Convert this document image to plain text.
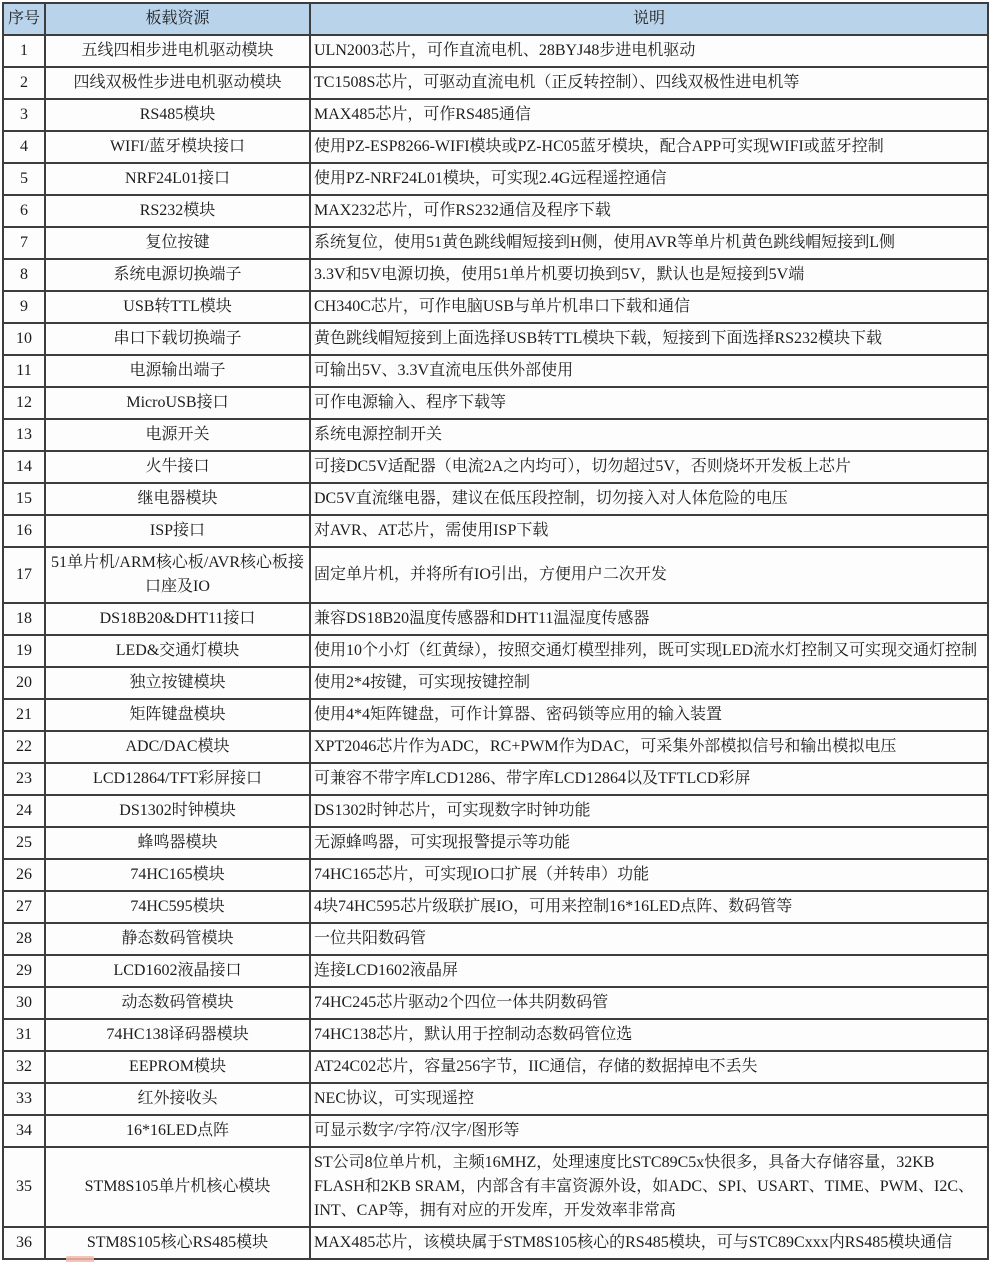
序号	板载资源	说明
1	五线四相步进电机驱动模块	ULN2003芯片，可作直流电机、28BYJ48步进电机驱动
2	四线双极性步进电机驱动模块	TC1508S芯片，可驱动直流电机（正反转控制）、四线双极性进电机等
3	RS485模块	MAX485芯片，可作RS485通信
4	WIFI/蓝牙模块接口	使用PZ-ESP8266-WIFI模块或PZ-HC05蓝牙模块，配合APP可实现WIFI或蓝牙控制
5	NRF24L01接口	使用PZ-NRF24L01模块，可实现2.4G远程遥控通信
6	RS232模块	MAX232芯片，可作RS232通信及程序下载
7	复位按键	系统复位，使用51黄色跳线帽短接到H侧，使用AVR等单片机黄色跳线帽短接到L侧
8	系统电源切换端子	3.3V和5V电源切换，使用51单片机要切换到5V，默认也是短接到5V端
9	USB转TTL模块	CH340C芯片，可作电脑USB与单片机串口下载和通信
10	串口下载切换端子	黄色跳线帽短接到上面选择USB转TTL模块下载，短接到下面选择RS232模块下载
11	电源输出端子	可输出5V、3.3V直流电压供外部使用
12	MicroUSB接口	可作电源输入、程序下载等
13	电源开关	系统电源控制开关
14	火牛接口	可接DC5V适配器（电流2A之内均可），切勿超过5V，否则烧坏开发板上芯片
15	继电器模块	DC5V直流继电器，建议在低压段控制，切勿接入对人体危险的电压
16	ISP接口	对AVR、AT芯片，需使用ISP下载
17	51单片机/ARM核心板/AVR核心板接口座及IO	固定单片机，并将所有IO引出，方便用户二次开发
18	DS18B20&DHT11接口	兼容DS18B20温度传感器和DHT11温湿度传感器
19	LED&交通灯模块	使用10个小灯（红黄绿），按照交通灯模型排列，既可实现LED流水灯控制又可实现交通灯控制
20	独立按键模块	使用2*4按键，可实现按键控制
21	矩阵键盘模块	使用4*4矩阵键盘，可作计算器、密码锁等应用的输入装置
22	ADC/DAC模块	XPT2046芯片作为ADC，RC+PWM作为DAC，可采集外部模拟信号和输出模拟电压
23	LCD12864/TFT彩屏接口	可兼容不带字库LCD1286、带字库LCD12864以及TFTLCD彩屏
24	DS1302时钟模块	DS1302时钟芯片，可实现数字时钟功能
25	蜂鸣器模块	无源蜂鸣器，可实现报警提示等功能
26	74HC165模块	74HC165芯片，可实现IO口扩展（并转串）功能
27	74HC595模块	4块74HC595芯片级联扩展IO，可用来控制16*16LED点阵、数码管等
28	静态数码管模块	一位共阳数码管
29	LCD1602液晶接口	连接LCD1602液晶屏
30	动态数码管模块	74HC245芯片驱动2个四位一体共阴数码管
31	74HC138译码器模块	74HC138芯片，默认用于控制动态数码管位选
32	EEPROM模块	AT24C02芯片，容量256字节，IIC通信，存储的数据掉电不丢失
33	红外接收头	NEC协议，可实现遥控
34	16*16LED点阵	可显示数字/字符/汉字/图形等
35	STM8S105单片机核心模块	ST公司8位单片机，主频16MHZ，处理速度比STC89C5x快很多，具备大存储容量，32KB FLASH和2KB SRAM，内部含有丰富资源外设，如ADC、SPI、USART、TIME、PWM、I2C、INT、CAP等，拥有对应的开发库，开发效率非常高
36	STM8S105核心RS485模块	MAX485芯片，该模块属于STM8S105核心的RS485模块，可与STC89Cxxx内RS485模块通信
